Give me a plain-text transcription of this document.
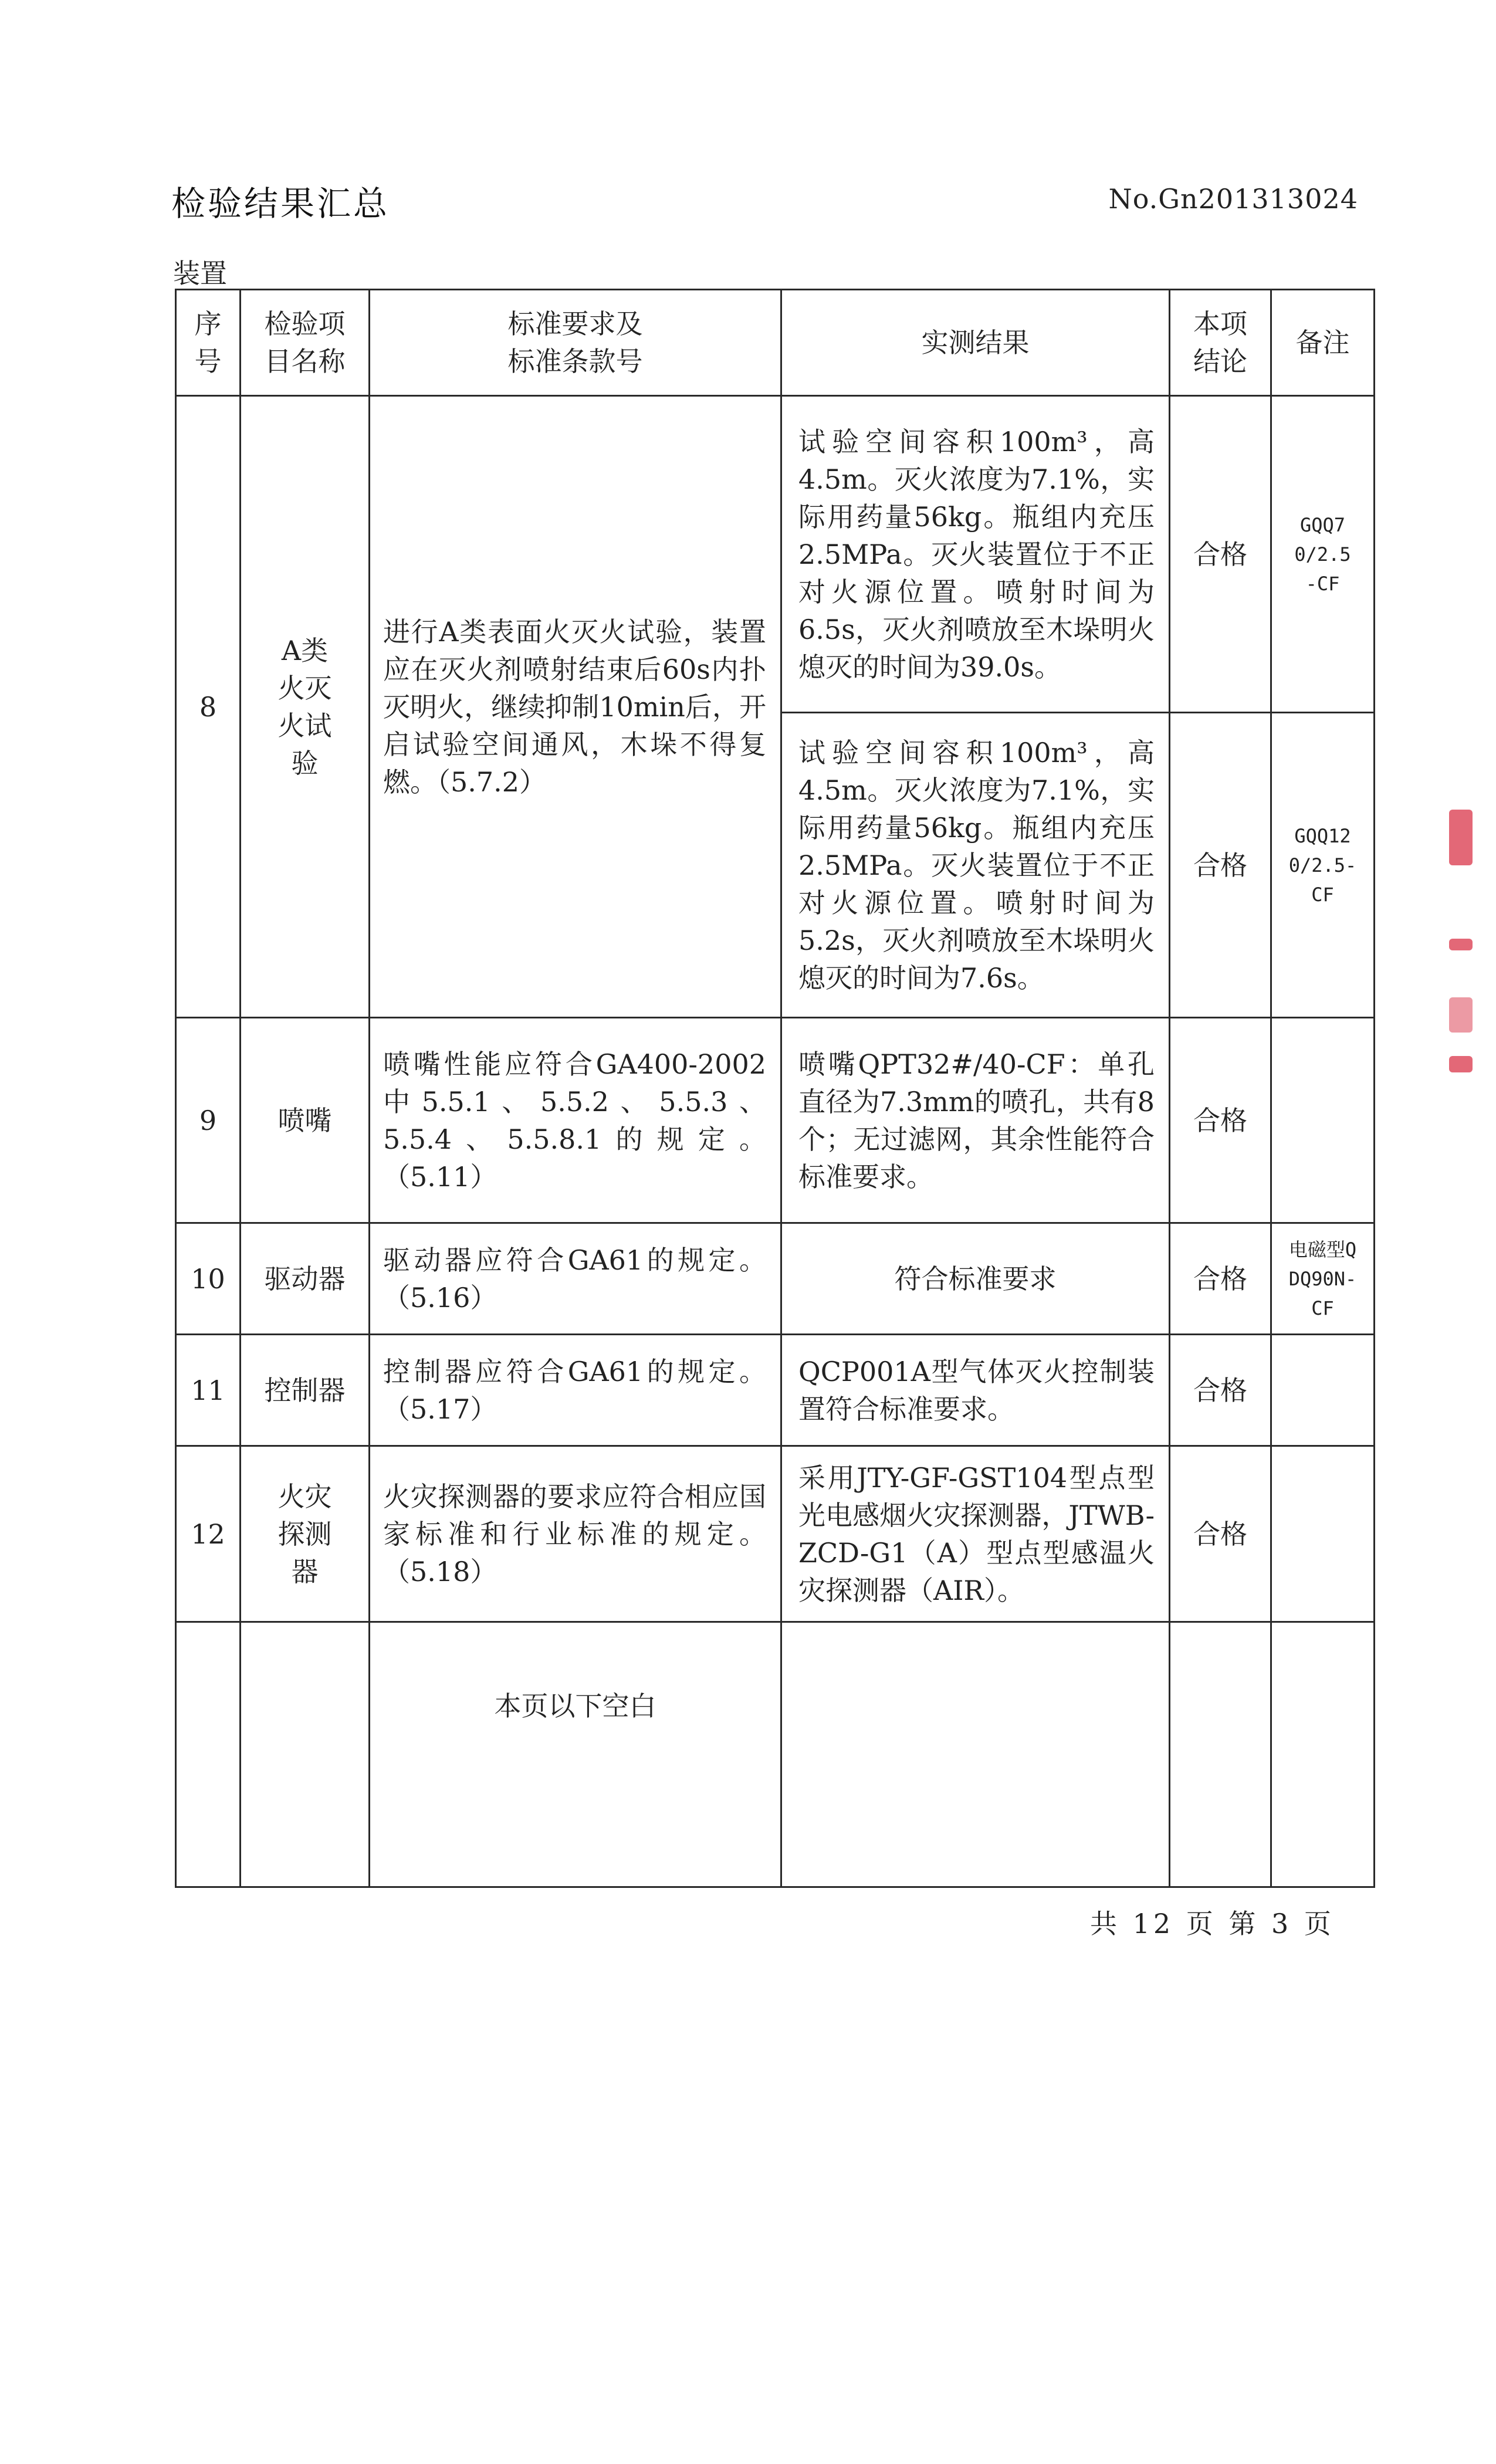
检验结果汇总	No.Gn201313024
装置
序号	检验项目名称	标准要求及标准条款号	实测结果	本项结论	备注
8	A类火灭火试验	进行A类表面火灭火试验，装置应在灭火剂喷射结束后60s内扑灭明火，继续抑制10min后，开启试验空间通风，木垛不得复燃。（5.7.2）	试验空间容积100m³，高4.5m。灭火浓度为7.1%，实际用药量56kg。瓶组内充压2.5MPa。灭火装置位于不正对火源位置。喷射时间为6.5s，灭火剂喷放至木垛明火熄灭的时间为39.0s。	合格	GQQ70/2.5-CF

			试验空间容积100m³，高4.5m。灭火浓度为7.1%，实际用药量56kg。瓶组内充压2.5MPa。灭火装置位于不正对火源位置。喷射时间为5.2s，灭火剂喷放至木垛明火熄灭的时间为7.6s。	合格	GQQ120/2.5-CF

9	喷嘴	喷嘴性能应符合GA400-2002中5.5.1、5.5.2、5.5.3、5.5.4、5.5.8.1的规定。（5.11）	喷嘴QPT32#/40-CF：单孔直径为7.3mm的喷孔，共有8个；无过滤网，其余性能符合标准要求。	合格	
10	驱动器	驱动器应符合GA61的规定。（5.16）	符合标准要求	合格	电磁型QDQ90N-CF

11	控制器	控制器应符合GA61的规定。（5.17）	QCP001A型气体灭火控制装置符合标准要求。	合格	
12	火灾探测器	火灾探测器的要求应符合相应国家标准和行业标准的规定。（5.18）	采用JTY-GF-GST104型点型光电感烟火灾探测器，JTWB-ZCD-G1（A）型点型感温火灾探测器（AIR）。	合格	
		本页以下空白			
共 12 页 第 3 页
